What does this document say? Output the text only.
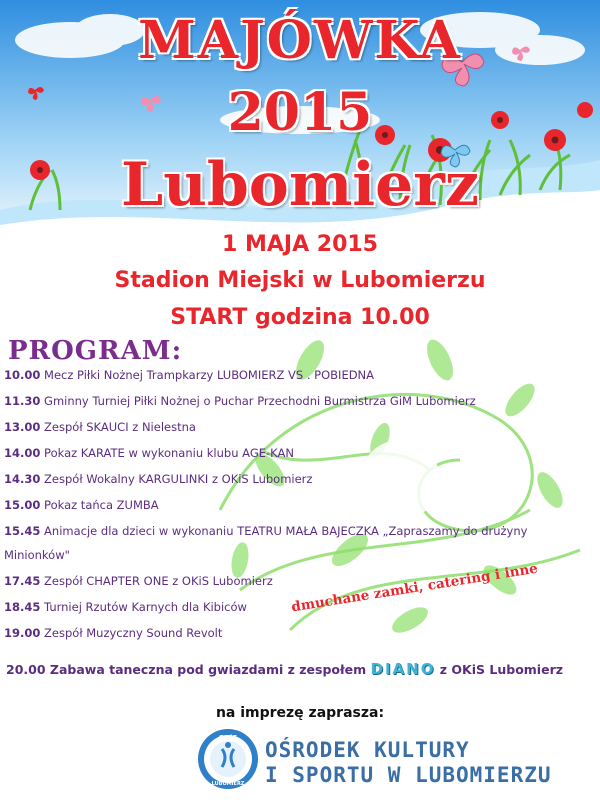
MAJÓWKA
2015
Lubomierz
1 MAJA 2015
Stadion Miejski w Lubomierzu
START godzina 10.00
PROGRAM:
10.00 Mecz Piłki Nożnej Trampkarzy LUBOMIERZ VS . POBIEDNA
11.30 Gminny Turniej Piłki Nożnej o Puchar Przechodni Burmistrza GiM Lubomierz
13.00 Zespół SKAUCI z Nielestna
14.00 Pokaz KARATE w wykonaniu klubu AGE-KAN
14.30 Zespół Wokalny KARGULINKI z OKiS Lubomierz
15.00 Pokaz tańca ZUMBA
15.45 Animacje dla dzieci w wykonaniu TEATRU MAŁA BAJECZKA „Zapraszamy do drużyny
Minionków"
17.45 Zespół CHAPTER ONE z OKiS Lubomierz
18.45 Turniej Rzutów Karnych dla Kibiców
19.00 Zespół Muzyczny Sound Revolt
dmuchane zamki, catering i inne
20.00 Zabawa taneczna pod gwiazdami z zespołem DIANO z OKiS Lubomierz
na imprezę zaprasza:
OKiS
LUBOMIERZ
OŚRODEK KULTURY
I SPORTU W LUBOMIERZU
